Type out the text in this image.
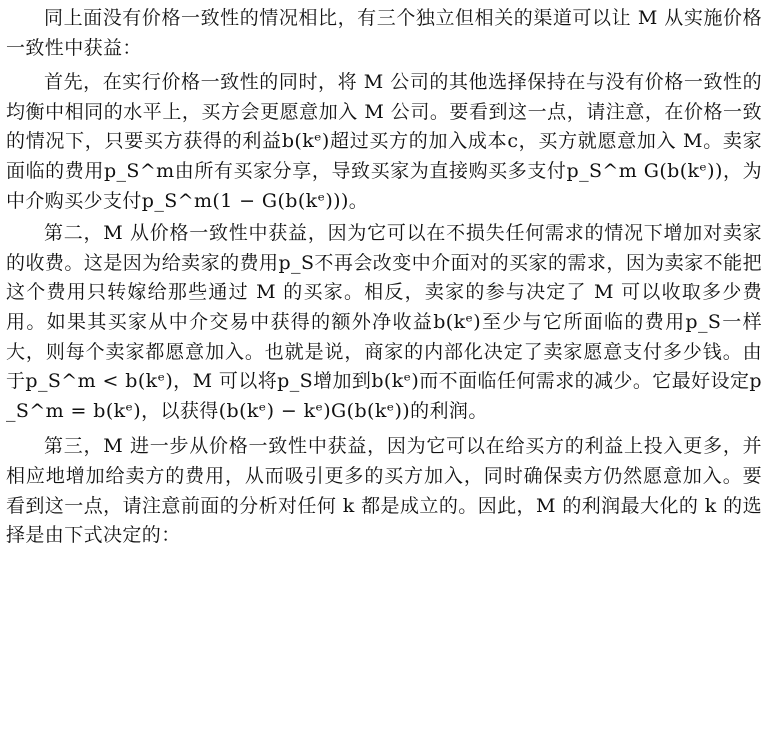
同上面没有价格一致性的情况相比，有三个独立但相关的渠道可以让 M 从实施价格一致性中获益：

首先，在实行价格一致性的同时，将 M 公司的其他选择保持在与没有价格一致性的均衡中相同的水平上，买方会更愿意加入 M 公司。要看到这一点，请注意，在价格一致的情况下，只要买方获得的利益b(kᵉ)超过买方的加入成本c，买方就愿意加入 M。卖家面临的费用p_S^m由所有买家分享，导致买家为直接购买多支付p_S^m G(b(kᵉ))，为中介购买少支付p_S^m(1 − G(b(kᵉ)))。

第二，M 从价格一致性中获益，因为它可以在不损失任何需求的情况下增加对卖家的收费。这是因为给卖家的费用p_S不再会改变中介面对的买家的需求，因为卖家不能把这个费用只转嫁给那些通过 M 的买家。相反，卖家的参与决定了 M 可以收取多少费用。如果其买家从中介交易中获得的额外净收益b(kᵉ)至少与它所面临的费用p_S一样大，则每个卖家都愿意加入。也就是说，商家的内部化决定了卖家愿意支付多少钱。由于p_S^m < b(kᵉ)，M 可以将p_S增加到b(kᵉ)而不面临任何需求的减少。它最好设定p_S^m = b(kᵉ)，以获得(b(kᵉ) − kᵉ)G(b(kᵉ))的利润。

第三，M 进一步从价格一致性中获益，因为它可以在给买方的利益上投入更多，并相应地增加给卖方的费用，从而吸引更多的买方加入，同时确保卖方仍然愿意加入。要看到这一点，请注意前面的分析对任何 k 都是成立的。因此，M 的利润最大化的 k 的选择是由下式决定的：
